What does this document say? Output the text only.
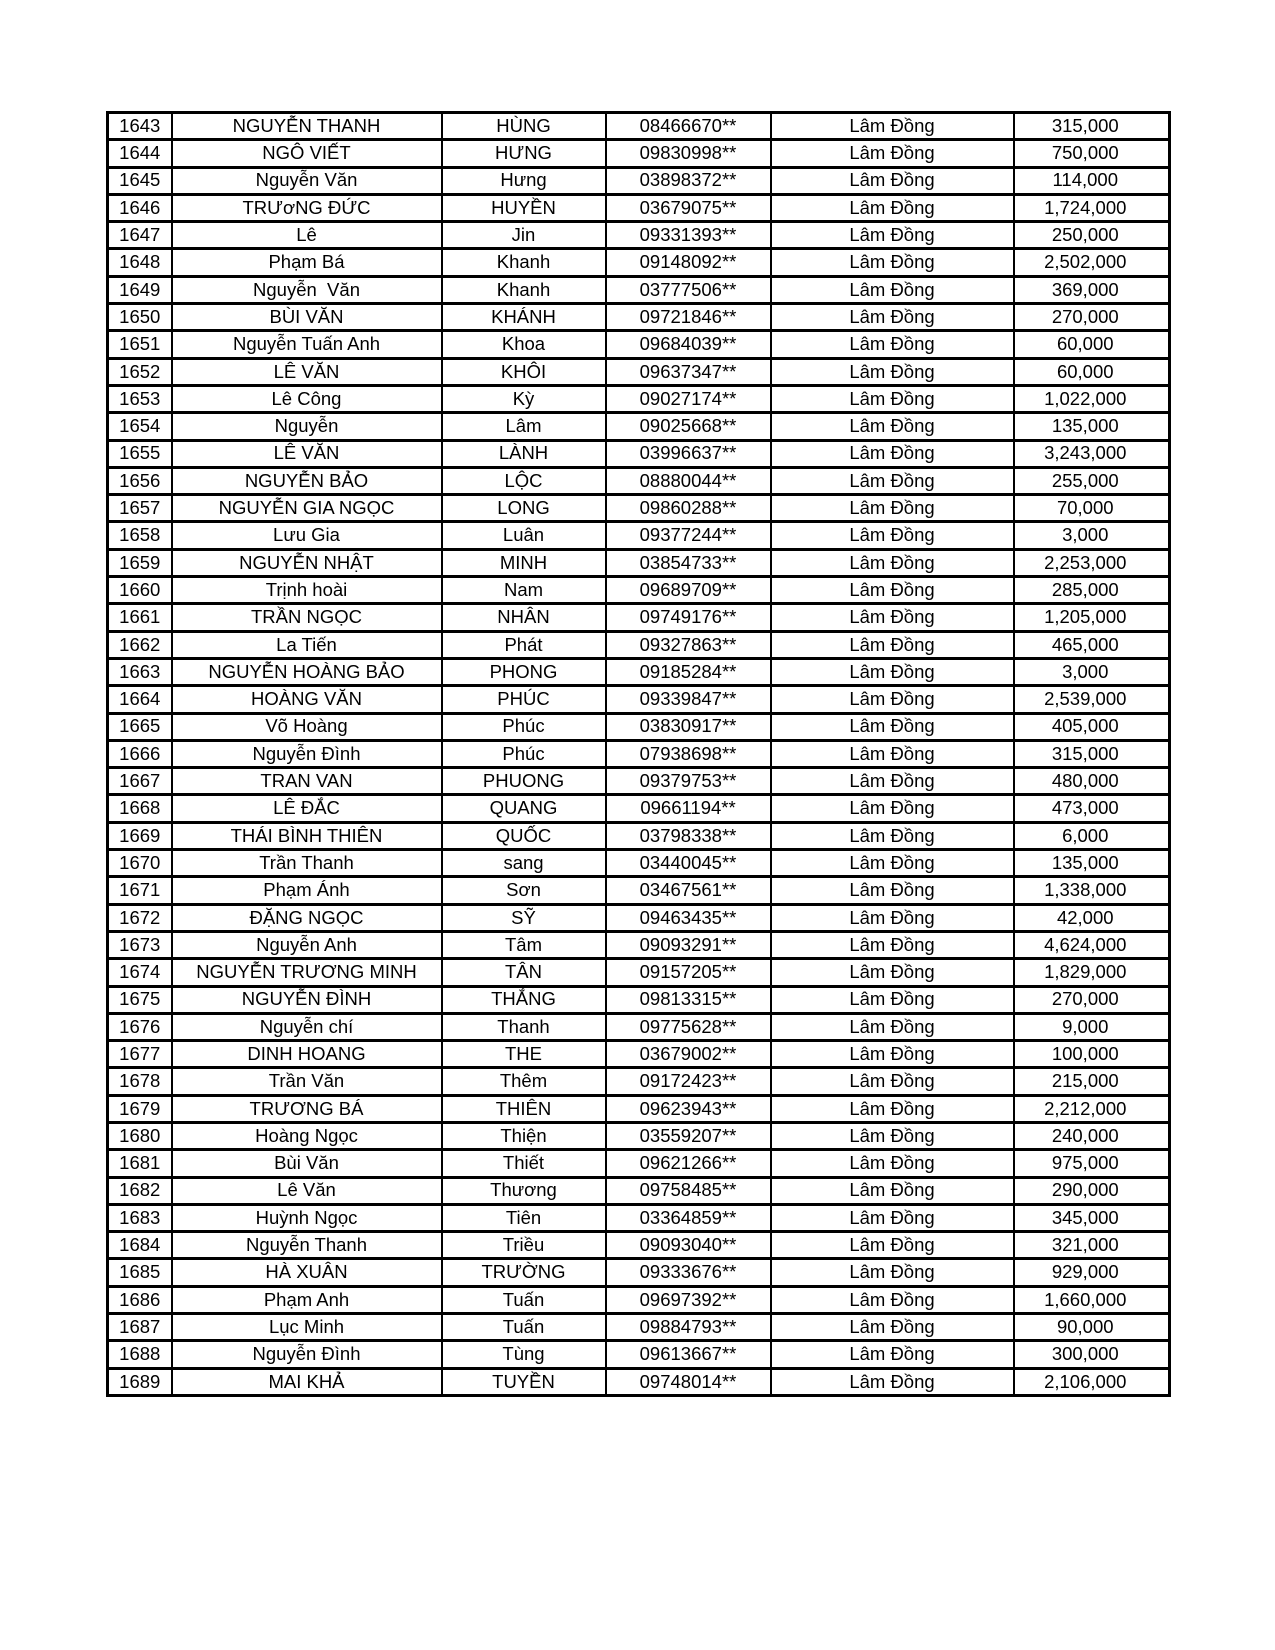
1643	NGUYỄN THANH	HÙNG	08466670**	Lâm Đồng	315,000
1644	NGÔ VIẾT	HƯNG	09830998**	Lâm Đồng	750,000
1645	Nguyễn Văn	Hưng	03898372**	Lâm Đồng	114,000
1646	TRƯơNG ĐỨC	HUYỀN	03679075**	Lâm Đồng	1,724,000
1647	Lê	Jin	09331393**	Lâm Đồng	250,000
1648	Phạm Bá	Khanh	09148092**	Lâm Đồng	2,502,000
1649	Nguyễn  Văn	Khanh	03777506**	Lâm Đồng	369,000
1650	BÙI VĂN	KHÁNH	09721846**	Lâm Đồng	270,000
1651	Nguyễn Tuấn Anh	Khoa	09684039**	Lâm Đồng	60,000
1652	LÊ VĂN	KHÔI	09637347**	Lâm Đồng	60,000
1653	Lê Công	Kỳ	09027174**	Lâm Đồng	1,022,000
1654	Nguyễn	Lâm	09025668**	Lâm Đồng	135,000
1655	LÊ VĂN	LÀNH	03996637**	Lâm Đồng	3,243,000
1656	NGUYỄN BẢO	LỘC	08880044**	Lâm Đồng	255,000
1657	NGUYỄN GIA NGỌC	LONG	09860288**	Lâm Đồng	70,000
1658	Lưu Gia	Luân	09377244**	Lâm Đồng	3,000
1659	NGUYỄN NHẬT	MINH	03854733**	Lâm Đồng	2,253,000
1660	Trịnh hoài	Nam	09689709**	Lâm Đồng	285,000
1661	TRẦN NGỌC	NHÂN	09749176**	Lâm Đồng	1,205,000
1662	La Tiến	Phát	09327863**	Lâm Đồng	465,000
1663	NGUYỄN HOÀNG BẢO	PHONG	09185284**	Lâm Đồng	3,000
1664	HOÀNG VĂN	PHÚC	09339847**	Lâm Đồng	2,539,000
1665	Võ Hoàng	Phúc	03830917**	Lâm Đồng	405,000
1666	Nguyễn Đình	Phúc	07938698**	Lâm Đồng	315,000
1667	TRAN VAN	PHUONG	09379753**	Lâm Đồng	480,000
1668	LÊ ĐẮC	QUANG	09661194**	Lâm Đồng	473,000
1669	THÁI BÌNH THIÊN	QUỐC	03798338**	Lâm Đồng	6,000
1670	Trần Thanh	sang	03440045**	Lâm Đồng	135,000
1671	Phạm Ánh	Sơn	03467561**	Lâm Đồng	1,338,000
1672	ĐẶNG NGỌC	SỸ	09463435**	Lâm Đồng	42,000
1673	Nguyễn Anh	Tâm	09093291**	Lâm Đồng	4,624,000
1674	NGUYỄN TRƯƠNG MINH	TÂN	09157205**	Lâm Đồng	1,829,000
1675	NGUYỄN ĐÌNH	THẮNG	09813315**	Lâm Đồng	270,000
1676	Nguyễn chí	Thanh	09775628**	Lâm Đồng	9,000
1677	DINH HOANG	THE	03679002**	Lâm Đồng	100,000
1678	Trần Văn	Thêm	09172423**	Lâm Đồng	215,000
1679	TRƯƠNG BÁ	THIÊN	09623943**	Lâm Đồng	2,212,000
1680	Hoàng Ngọc	Thiện	03559207**	Lâm Đồng	240,000
1681	Bùi Văn	Thiết	09621266**	Lâm Đồng	975,000
1682	Lê Văn	Thương	09758485**	Lâm Đồng	290,000
1683	Huỳnh Ngọc	Tiên	03364859**	Lâm Đồng	345,000
1684	Nguyễn Thanh	Triều	09093040**	Lâm Đồng	321,000
1685	HÀ XUÂN	TRƯỜNG	09333676**	Lâm Đồng	929,000
1686	Phạm Anh	Tuấn	09697392**	Lâm Đồng	1,660,000
1687	Lục Minh	Tuấn	09884793**	Lâm Đồng	90,000
1688	Nguyễn Đình	Tùng	09613667**	Lâm Đồng	300,000
1689	MAI KHẢ	TUYỀN	09748014**	Lâm Đồng	2,106,000
